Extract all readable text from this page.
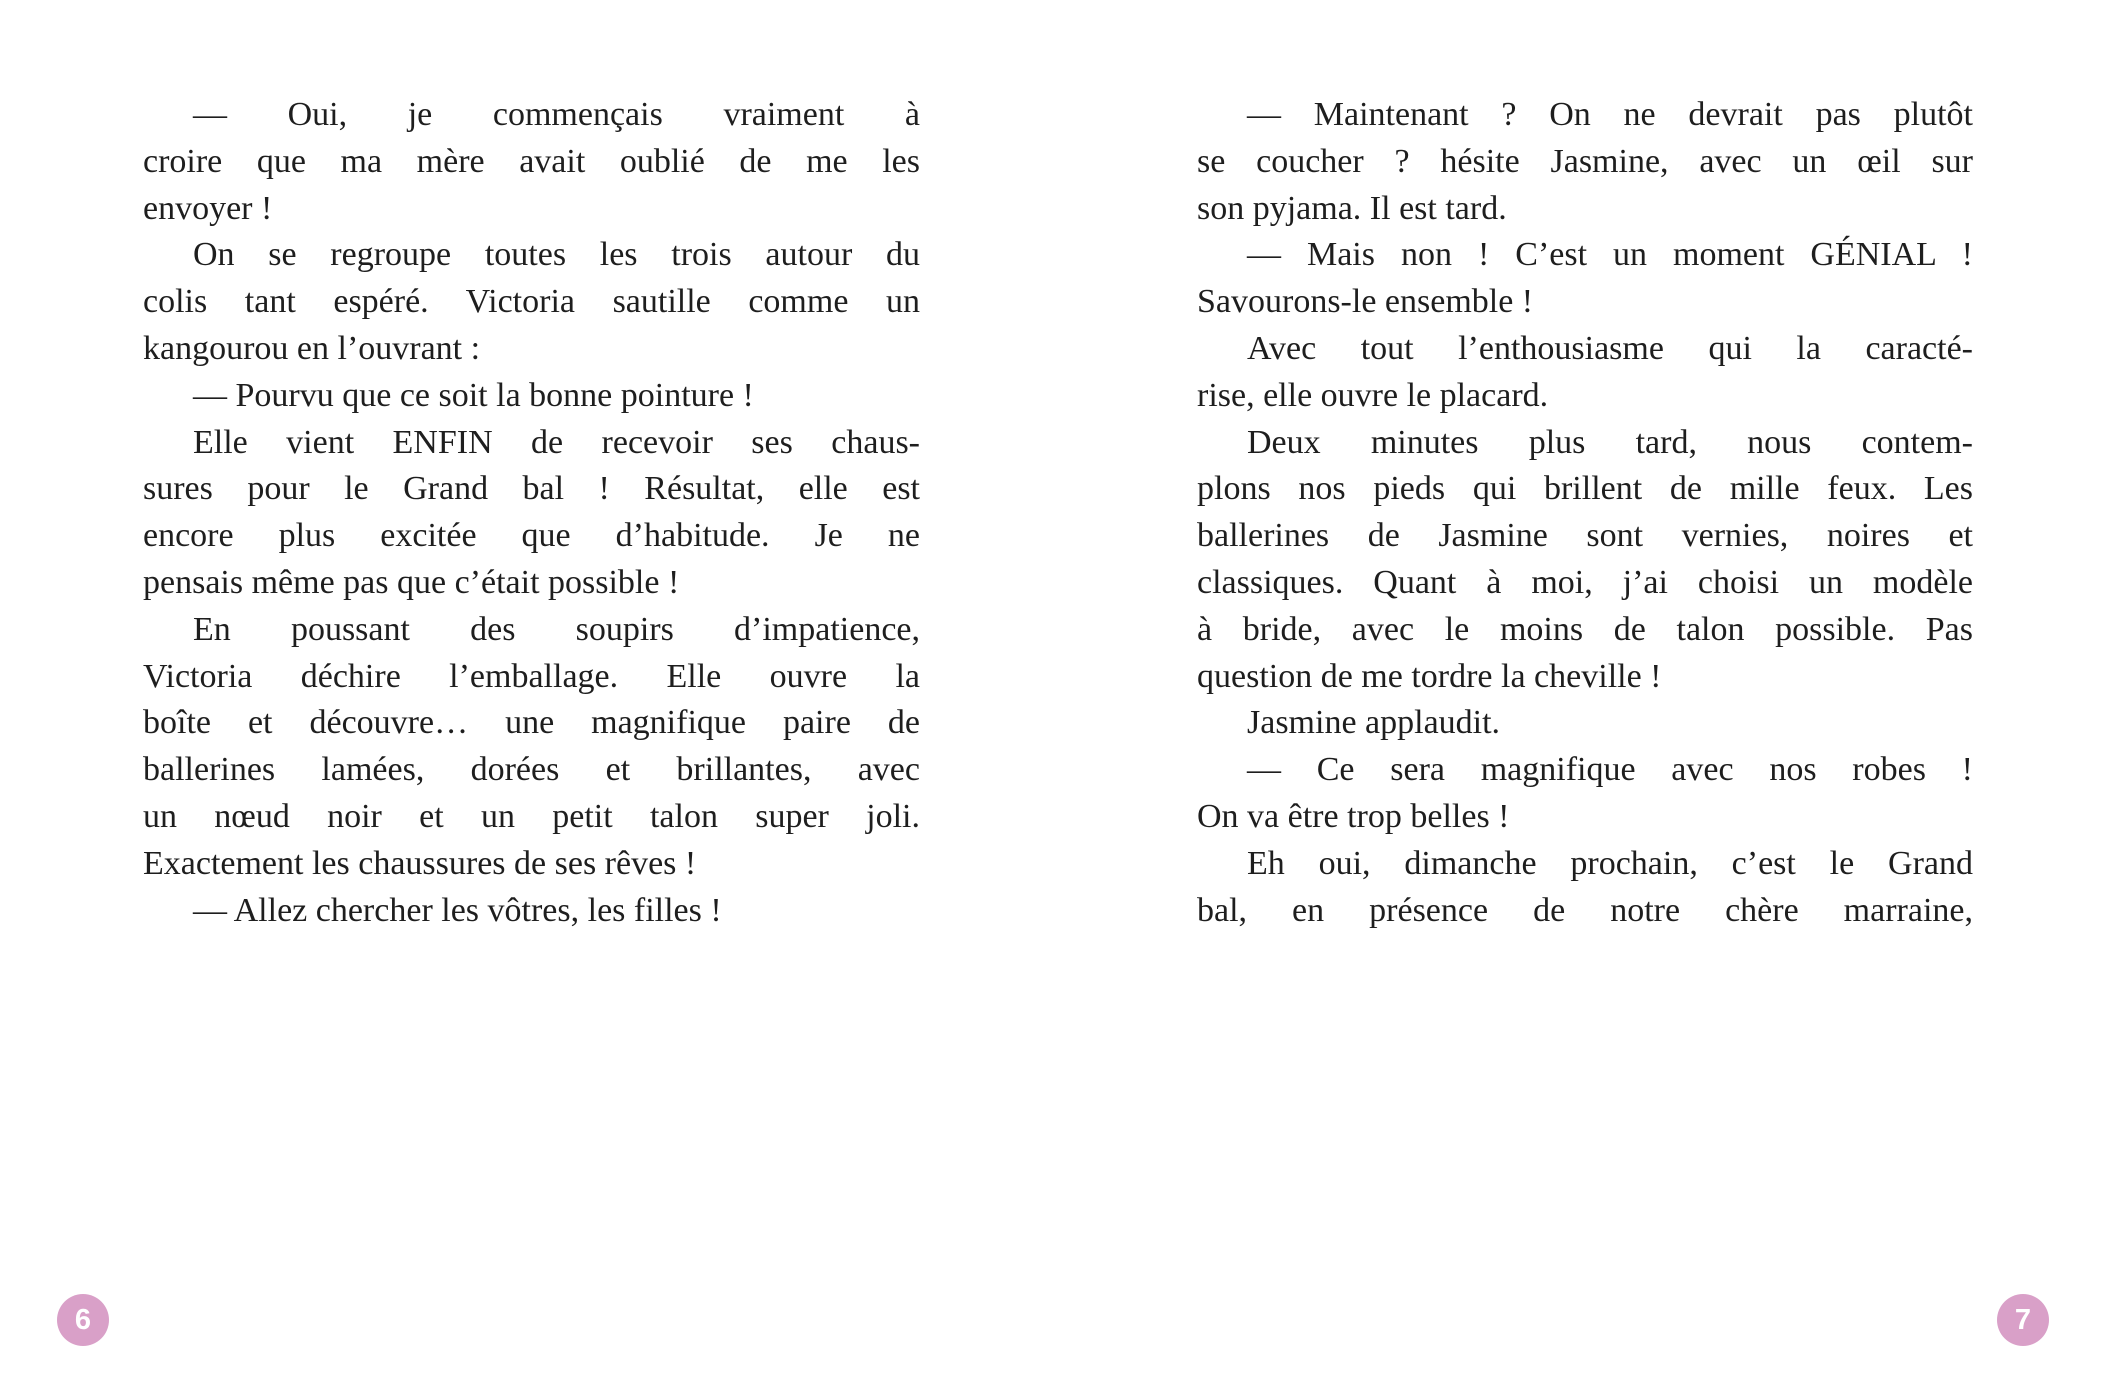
— Oui, je commençais vraiment à
croire que ma mère avait oublié de me les
envoyer !
On se regroupe toutes les trois autour du
colis tant espéré. Victoria sautille comme un
kangourou en l’ouvrant :
— Pourvu que ce soit la bonne pointure !
Elle vient ENFIN de recevoir ses chaus-
sures pour le Grand bal ! Résultat, elle est
encore plus excitée que d’habitude. Je ne
pensais même pas que c’était possible !
En poussant des soupirs d’impatience,
Victoria déchire l’emballage. Elle ouvre la
boîte et découvre… une magnifique paire de
ballerines lamées, dorées et brillantes, avec
un nœud noir et un petit talon super joli.
Exactement les chaussures de ses rêves !
— Allez chercher les vôtres, les filles !
— Maintenant ? On ne devrait pas plutôt
se coucher ? hésite Jasmine, avec un œil sur
son pyjama. Il est tard.
— Mais non ! C’est un moment GÉNIAL !
Savourons-le ensemble !
Avec tout l’enthousiasme qui la caracté-
rise, elle ouvre le placard.
Deux minutes plus tard, nous contem-
plons nos pieds qui brillent de mille feux. Les
ballerines de Jasmine sont vernies, noires et
classiques. Quant à moi, j’ai choisi un modèle
à bride, avec le moins de talon possible. Pas
question de me tordre la cheville !
Jasmine applaudit.
— Ce sera magnifique avec nos robes !
On va être trop belles !
Eh oui, dimanche prochain, c’est le Grand
bal, en présence de notre chère marraine,
6	7
